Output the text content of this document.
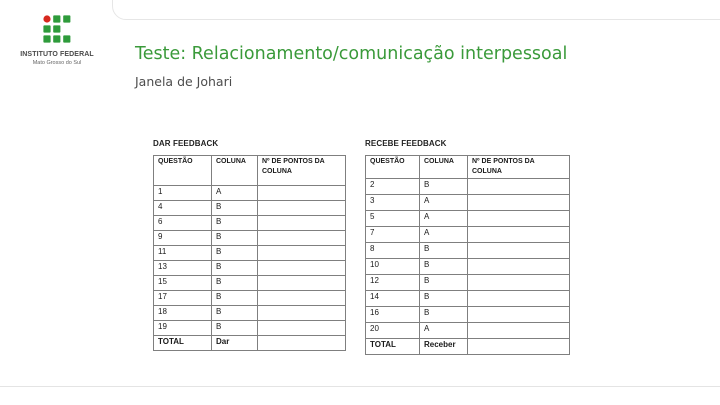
INSTITUTO FEDERAL
Mato Grosso do Sul	Teste: Relacionamento/comunicação interpessoal
Janela de Johari
DAR FEEDBACK
QUESTÃO	COLUNA	Nº DE PONTOS DA COLUNA
1	A	
4	B	
6	B	
9	B	
11	B	
13	B	
15	B	
17	B	
18	B	
19	B	
TOTAL	Dar	
RECEBE FEEDBACK
QUESTÃO	COLUNA	Nº DE PONTOS DA COLUNA
2	B	
3	A	
5	A	
7	A	
8	B	
10	B	
12	B	
14	B	
16	B	
20	A	
TOTAL	Receber	
